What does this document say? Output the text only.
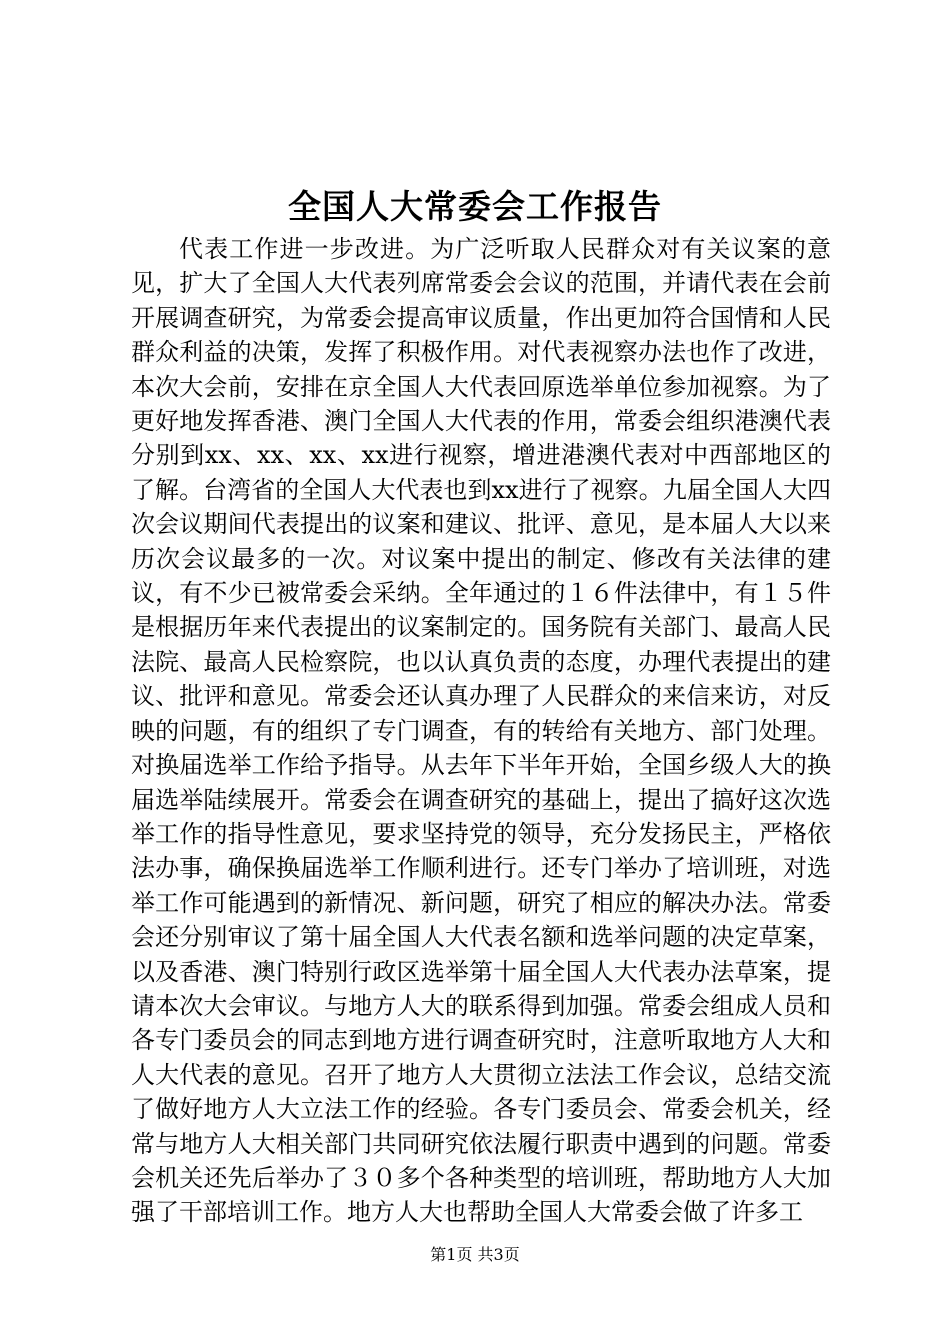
全国人大常委会工作报告
代表工作进一步改进。为广泛听取人民群众对有关议案的意见，扩大了全国人大代表列席常委会会议的范围，并请代表在会前开展调查研究，为常委会提高审议质量，作出更加符合国情和人民群众利益的决策，发挥了积极作用。对代表视察办法也作了改进，本次大会前，安排在京全国人大代表回原选举单位参加视察。为了更好地发挥香港、澳门全国人大代表的作用，常委会组织港澳代表分别到xx、xx、xx、xx进行视察，增进港澳代表对中西部地区的了解。台湾省的全国人大代表也到xx进行了视察。九届全国人大四次会议期间代表提出的议案和建议、批评、意见，是本届人大以来历次会议最多的一次。对议案中提出的制定、修改有关法律的建议，有不少已被常委会采纳。全年通过的１６件法律中，有１５件是根据历年来代表提出的议案制定的。国务院有关部门、最高人民法院、最高人民检察院，也以认真负责的态度，办理代表提出的建议、批评和意见。常委会还认真办理了人民群众的来信来访，对反映的问题，有的组织了专门调查，有的转给有关地方、部门处理。对换届选举工作给予指导。从去年下半年开始，全国乡级人大的换届选举陆续展开。常委会在调查研究的基础上，提出了搞好这次选举工作的指导性意见，要求坚持党的领导，充分发扬民主，严格依法办事，确保换届选举工作顺利进行。还专门举办了培训班，对选举工作可能遇到的新情况、新问题，研究了相应的解决办法。常委会还分别审议了第十届全国人大代表名额和选举问题的决定草案，以及香港、澳门特别行政区选举第十届全国人大代表办法草案，提请本次大会审议。与地方人大的联系得到加强。常委会组成人员和各专门委员会的同志到地方进行调查研究时，注意听取地方人大和人大代表的意见。召开了地方人大贯彻立法法工作会议，总结交流了做好地方人大立法工作的经验。各专门委员会、常委会机关，经常与地方人大相关部门共同研究依法履行职责中遇到的问题。常委会机关还先后举办了３０多个各种类型的培训班，帮助地方人大加强了干部培训工作。地方人大也帮助全国人大常委会做了许多工
第1页 共3页
